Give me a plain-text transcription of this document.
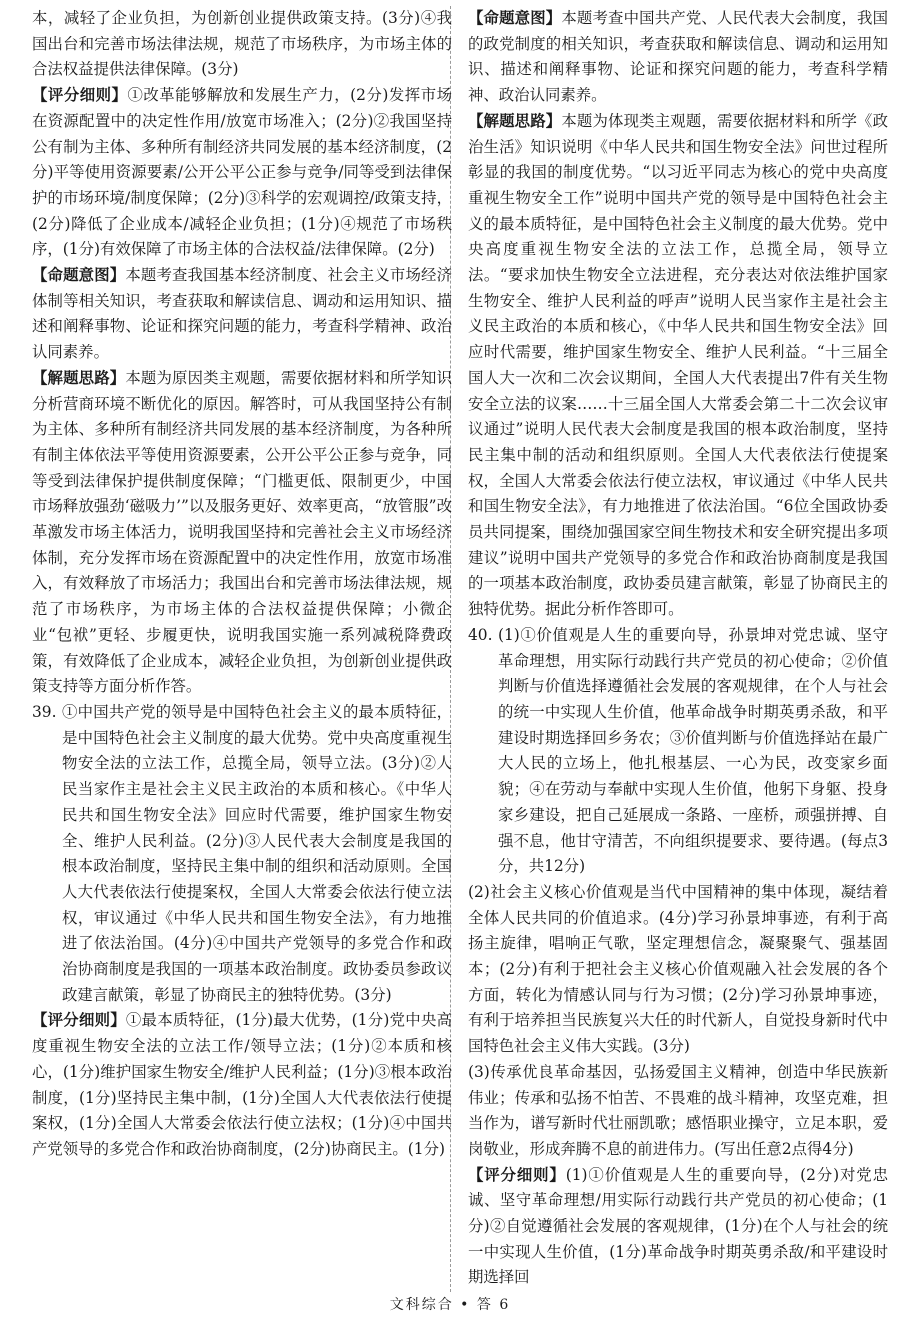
本，减轻了企业负担，为创新创业提供政策支持。(3分)④我国出台和完善市场法律法规，规范了市场秩序，为市场主体的合法权益提供法律保障。(3分)

【评分细则】①改革能够解放和发展生产力，(2分)发挥市场在资源配置中的决定性作用/放宽市场准入；(2分)②我国坚持公有制为主体、多种所有制经济共同发展的基本经济制度，(2分)平等使用资源要素/公开公平公正参与竞争/同等受到法律保护的市场环境/制度保障；(2分)③科学的宏观调控/政策支持，(2分)降低了企业成本/减轻企业负担；(1分)④规范了市场秩序，(1分)有效保障了市场主体的合法权益/法律保障。(2分)

【命题意图】本题考查我国基本经济制度、社会主义市场经济体制等相关知识，考查获取和解读信息、调动和运用知识、描述和阐释事物、论证和探究问题的能力，考查科学精神、政治认同素养。

【解题思路】本题为原因类主观题，需要依据材料和所学知识分析营商环境不断优化的原因。解答时，可从我国坚持公有制为主体、多种所有制经济共同发展的基本经济制度，为各种所有制主体依法平等使用资源要素，公开公平公正参与竞争，同等受到法律保护提供制度保障；“门槛更低、限制更少，中国市场释放强劲‘磁吸力’”以及服务更好、效率更高，“放管服”改革激发市场主体活力，说明我国坚持和完善社会主义市场经济体制，充分发挥市场在资源配置中的决定性作用，放宽市场准入，有效释放了市场活力；我国出台和完善市场法律法规，规范了市场秩序，为市场主体的合法权益提供保障；小微企业“包袱”更轻、步履更快，说明我国实施一系列减税降费政策，有效降低了企业成本，减轻企业负担，为创新创业提供政策支持等方面分析作答。

39. ①中国共产党的领导是中国特色社会主义的最本质特征，是中国特色社会主义制度的最大优势。党中央高度重视生物安全法的立法工作，总揽全局，领导立法。(3分)②人民当家作主是社会主义民主政治的本质和核心。《中华人民共和国生物安全法》回应时代需要，维护国家生物安全、维护人民利益。(2分)③人民代表大会制度是我国的根本政治制度，坚持民主集中制的组织和活动原则。全国人大代表依法行使提案权，全国人大常委会依法行使立法权，审议通过《中华人民共和国生物安全法》，有力地推进了依法治国。(4分)④中国共产党领导的多党合作和政治协商制度是我国的一项基本政治制度。政协委员参政议政建言献策，彰显了协商民主的独特优势。(3分)

【评分细则】①最本质特征，(1分)最大优势，(1分)党中央高度重视生物安全法的立法工作/领导立法；(1分)②本质和核心，(1分)维护国家生物安全/维护人民利益；(1分)③根本政治制度，(1分)坚持民主集中制，(1分)全国人大代表依法行使提案权，(1分)全国人大常委会依法行使立法权；(1分)④中国共产党领导的多党合作和政治协商制度，(2分)协商民主。(1分)

【命题意图】本题考查中国共产党、人民代表大会制度，我国的政党制度的相关知识，考查获取和解读信息、调动和运用知识、描述和阐释事物、论证和探究问题的能力，考查科学精神、政治认同素养。

【解题思路】本题为体现类主观题，需要依据材料和所学《政治生活》知识说明《中华人民共和国生物安全法》问世过程所彰显的我国的制度优势。“以习近平同志为核心的党中央高度重视生物安全工作”说明中国共产党的领导是中国特色社会主义的最本质特征，是中国特色社会主义制度的最大优势。党中央高度重视生物安全法的立法工作，总揽全局，领导立法。“要求加快生物安全立法进程，充分表达对依法维护国家生物安全、维护人民利益的呼声”说明人民当家作主是社会主义民主政治的本质和核心，《中华人民共和国生物安全法》回应时代需要，维护国家生物安全、维护人民利益。“十三届全国人大一次和二次会议期间，全国人大代表提出7件有关生物安全立法的议案……十三届全国人大常委会第二十二次会议审议通过”说明人民代表大会制度是我国的根本政治制度，坚持民主集中制的活动和组织原则。全国人大代表依法行使提案权，全国人大常委会依法行使立法权，审议通过《中华人民共和国生物安全法》，有力地推进了依法治国。“6位全国政协委员共同提案，围绕加强国家空间生物技术和安全研究提出多项建议”说明中国共产党领导的多党合作和政治协商制度是我国的一项基本政治制度，政协委员建言献策，彰显了协商民主的独特优势。据此分析作答即可。

40. (1)①价值观是人生的重要向导，孙景坤对党忠诚、坚守革命理想，用实际行动践行共产党员的初心使命；②价值判断与价值选择遵循社会发展的客观规律，在个人与社会的统一中实现人生价值，他革命战争时期英勇杀敌，和平建设时期选择回乡务农；③价值判断与价值选择站在最广大人民的立场上，他扎根基层、一心为民，改变家乡面貌；④在劳动与奉献中实现人生价值，他躬下身躯、投身家乡建设，把自己延展成一条路、一座桥，顽强拼搏、自强不息，他甘守清苦，不向组织提要求、要待遇。(每点3分，共12分)

(2)社会主义核心价值观是当代中国精神的集中体现，凝结着全体人民共同的价值追求。(4分)学习孙景坤事迹，有利于高扬主旋律，唱响正气歌，坚定理想信念，凝聚聚气、强基固本；(2分)有利于把社会主义核心价值观融入社会发展的各个方面，转化为情感认同与行为习惯；(2分)学习孙景坤事迹，有利于培养担当民族复兴大任的时代新人，自觉投身新时代中国特色社会主义伟大实践。(3分)

(3)传承优良革命基因，弘扬爱国主义精神，创造中华民族新伟业；传承和弘扬不怕苦、不畏难的战斗精神，攻坚克难，担当作为，谱写新时代壮丽凯歌；感悟职业操守，立足本职，爱岗敬业，形成奔腾不息的前进伟力。(写出任意2点得4分)

【评分细则】(1)①价值观是人生的重要向导，(2分)对党忠诚、坚守革命理想/用实际行动践行共产党员的初心使命；(1分)②自觉遵循社会发展的客观规律，(1分)在个人与社会的统一中实现人生价值，(1分)革命战争时期英勇杀敌/和平建设时期选择回

文科综合 • 答 6
